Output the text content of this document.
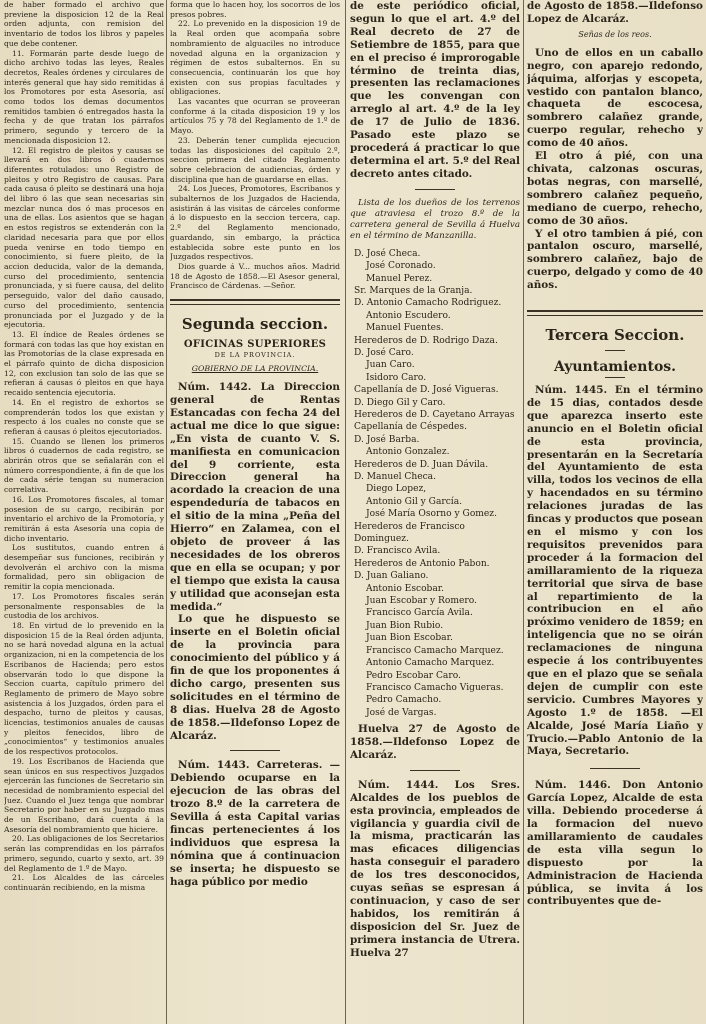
de haber formado el archivo que previene la disposicion 12 de la Real orden adjunta, con remision del inventario de todos los libros y papeles que debe contener.

11. Formarán parte desde luego de dicho archivo todas las leyes, Reales decretos, Reales órdenes y circulares de interés general que hay sido remitidas á los Promotores por esta Asesoría, así como todos los demas documentos remitidos tambien ó entregados hasta la fecha y de que tratan los párrafos primero, segundo y tercero de la mencionada disposicion 12.

12. El registro de pleitos y causas se llevará en dos libros ó cuadernos diferentes rotulados: uno Registro de pleitos y otro Registro de causas. Para cada causa ó pleito se destinará una hoja del libro ó las que sean necesarias sin mezclar nunca dos ó mas procesos en una de ellas. Los asientos que se hagan en estos registros se extenderán con la claridad necesaria para que por ellos pueda venirse en todo tiempo en conocimiento, si fuere pleito, de la accion deducida, valor de la demanda, curso del procedimiento, sentencia pronunciada, y si fuere causa, del delito perseguido, valor del daño causado, curso del procedimiento, sentencia pronunciada por el Juzgado y de la ejecutoria.

13. El índice de Reales órdenes se formará con todas las que hoy existan en las Promotorías de la clase expresada en el párrafo quinto de dicha disposicion 12, con exclusion tan solo de las que se refieran á causas ó pleitos en que haya recaido sentencia ejecutoria.

14. En el registro de exhortos se comprenderán todos los que existan y respecto á los cuales no conste que se refieran á causas ó pleitos ejecutoriados.

15. Cuando se llenen los primeros libros ó cuadernos de cada registro, se abrirán otros que se señalarán con el número correspondiente, á fin de que los de cada série tengan su numeracion correlativa.

16. Los Promotores fiscales, al tomar posesion de su cargo, recibirán por inventario el archivo de la Promotoría, y remitirán á esta Asesoría una copia de dicho inventario.

Los sustitutos, cuando entren á desempeñar sus funciones, recibirán y devolverán el archivo con la misma formalidad, pero sin obligacion de remitir la copia mencionada.

17. Los Promotores fiscales serán personalmente responsables de la custodia de los archivos.

18. En virtud de lo prevenido en la disposicion 15 de la Real órden adjunta, no se hará novedad alguna en la actual organizacion, ni en la competencia de los Escribanos de Hacienda; pero estos observarán todo lo que dispone la Seccion cuarta, capítulo primero del Reglamento de primero de Mayo sobre asistencia á los Juzgados, órden para el despacho, turno de pleitos y causas, licencias, testimonios anuales de causas y pleitos fenecidos, libro de „conocimientos“ y testimonios anuales de los respectivos protocolos.

19. Los Escribanos de Hacienda que sean únicos en sus respectivos Juzgados ejercerán las funciones de Secretario sin necesidad de nombramiento especial del Juez. Cuando el Juez tenga que nombrar Secretario por haber en su Juzgado mas de un Escribano, dará cuenta á la Asesoría del nombramiento que hiciere.

20. Las obligaciones de los Secretarios serán las comprendidas en los párrafos primero, segundo, cuarto y sexto, art. 39 del Reglamento de 1.º de Mayo.

21. Los Alcaldes de las cárceles continuarán recibiendo, en la misma

forma que lo hacen hoy, los socorros de los presos pobres.

22. Lo prevenido en la disposicion 19 de la Real orden que acompaña sobre nombramiento de alguaciles no introduce novedad alguna en la organizacion y régimen de estos subalternos. En su consecuencia, continuarán los que hoy existen con sus propias facultades y obligaciones.

Las vacantes que ocurran se proveeran conforme á la citada disposicion 19 y los artículos 75 y 78 del Reglamento de 1.º de Mayo.

23. Deberán tener cumplida ejecucion todas las disposiciones del capítulo 2.º, seccion primera del citado Reglamento sobre celebracion de audiencias, órden y disciplina que han de guardarse en ellas.

24. Los Jueces, Promotores, Escribanos y subalternos de los Juzgados de Hacienda, asistirán á las visitas de cárceles conforme á lo dispuesto en la seccion tercera, cap. 2.º del Reglamento mencionado, guardando, sin embargo, la práctica establecida sobre este punto en los Juzgados respectivos.

Dios guarde á V... muchos años. Madrid 18 de Agosto de 1858.—El Asesor general, Francisco de Cárdenas. —Señor.

Segunda seccion.
OFICINAS SUPERIORES
DE LA PROVINCIA.
GOBIERNO DE LA PROVINCIA.

Núm. 1442. La Direccion general de Rentas Estancadas con fecha 24 del actual me dice lo que sigue: „En vista de cuanto V. S. manifiesta en comunicacion del 9 corriente, esta Direccion general ha acordado la creacion de una espendeduría de tabacos en el sitio de la mina „Peña del Hierro“ en Zalamea, con el objeto de proveer á las necesidades de los obreros que en ella se ocupan; y por el tiempo que exista la causa y utilidad que aconsejan esta medida.“

Lo que he dispuesto se inserte en el Boletin oficial de la provincia para conocimiento del público y á fin de que los proponentes á dicho cargo, presenten sus solicitudes en el término de 8 dias. Huelva 28 de Agosto de 1858.—Ildefonso Lopez de Alcaráz.

Núm. 1443. Carreteras. —Debiendo ocuparse en la ejecucion de las obras del trozo 8.º de la carretera de Sevilla á esta Capital varias fincas pertenecientes á los individuos que espresa la nómina que á continuacion se inserta; he dispuesto se haga público por medio

de este periódico oficial, segun lo que el art. 4.º del Real decreto de 27 de Setiembre de 1855, para que en el preciso é improrogable término de treinta dias, presenten las reclamaciones que les convengan con arreglo al art. 4.º de la ley de 17 de Julio de 1836. Pasado este plazo se procederá á practicar lo que determina el art. 5.º del Real decreto antes citado.

Lista de los dueños de los terrenos que atraviesa el trozo 8.º de la carretera general de Sevilla á Huelva en el término de Manzanilla.

D. José Checa.
José Coronado.
Manuel Perez.
Sr. Marques de la Granja.
D. Antonio Camacho Rodriguez.
Antonio Escudero.
Manuel Fuentes.
Herederos de D. Rodrigo Daza.
D. José Caro.
Juan Caro.
Isidoro Caro.
Capellanía de D. José Vigueras.
D. Diego Gil y Caro.
Herederos de D. Cayetano Arrayas
Capellanía de Céspedes.
D. José Barba.
Antonio Gonzalez.
Herederos de D. Juan Dávila.
D. Manuel Checa.
Diego Lopez,
Antonio Gil y García.
José María Osorno y Gomez.
Herederos de Francisco Dominguez.
D. Francisco Avila.
Herederos de Antonio Pabon.
D. Juan Galiano.
Antonio Escobar.
Juan Escobar y Romero.
Francisco García Avila.
Juan Bion Rubio.
Juan Bion Escobar.
Francisco Camacho Marquez.
Antonio Camacho Marquez.
Pedro Escobar Caro.
Francisco Camacho Vigueras.
Pedro Camacho.
José de Vargas.

Huelva 27 de Agosto de 1858.—Ildefonso Lopez de Alcaráz.

Núm. 1444. Los Sres. Alcaldes de los pueblos de esta provincia, empleados de vigilancia y guardia civil de la misma, practicarán las mas eficaces diligencias hasta conseguir el paradero de los tres desconocidos, cuyas señas se espresan á continuacion, y caso de ser habidos, los remitirán á disposicion del Sr. Juez de primera instancia de Utrera. Huelva 27

de Agosto de 1858.—Ildefonso Lopez de Alcaráz.

Señas de los reos.

Uno de ellos en un caballo negro, con aparejo redondo, jáquima, alforjas y escopeta, vestido con pantalon blanco, chaqueta de escocesa, sombrero calañez grande, cuerpo regular, rehecho y como de 40 años.

El otro á pié, con una chivata, calzonas oscuras, botas negras, con marsellé, sombrero calañez pequeño, mediano de cuerpo, rehecho, como de 30 años.

Y el otro tambien á pié, con pantalon oscuro, marsellé, sombrero calañez, bajo de cuerpo, delgado y como de 40 años.

Tercera Seccion.
Ayuntamientos.

Núm. 1445. En el término de 15 dias, contados desde que aparezca inserto este anuncio en el Boletin oficial de esta provincia, presentarán en la Secretaría del Ayuntamiento de esta villa, todos los vecinos de ella y hacendados en su término relaciones juradas de las fincas y productos que posean en el mismo y con los requisitos prevenidos para proceder á la formacion del amillaramiento de la riqueza territorial que sirva de base al repartimiento de la contribucion en el año próximo venidero de 1859; en inteligencia que no se oirán reclamaciones de ninguna especie á los contribuyentes que en el plazo que se señala dejen de cumplir con este servicio. Cumbres Mayores y Agosto 1.º de 1858. —El Alcalde, José María Liaño y Trucio.—Pablo Antonio de la Maya, Secretario.

Núm. 1446. Don Antonio García Lopez, Alcalde de esta villa. Debiendo procederse á la formacion del nuevo amillaramiento de caudales de esta villa segun lo dispuesto por la Administracion de Hacienda pública, se invita á los contribuyentes que de-
